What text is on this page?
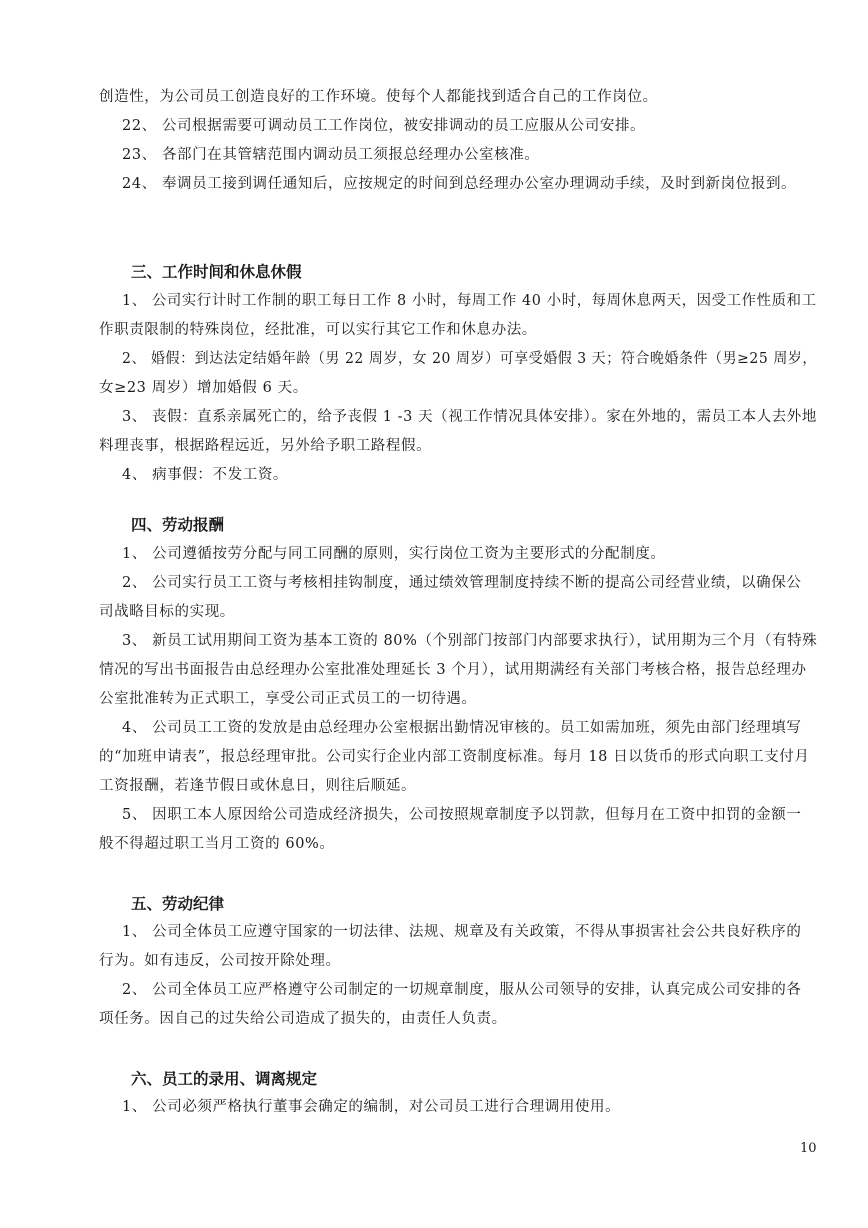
创造性，为公司员工创造良好的工作环境。使每个人都能找到适合自己的工作岗位。
22、 公司根据需要可调动员工工作岗位，被安排调动的员工应服从公司安排。
23、 各部门在其管辖范围内调动员工须报总经理办公室核准。
24、 奉调员工接到调任通知后，应按规定的时间到总经理办公室办理调动手续，及时到新岗位报到。
三、工作时间和休息休假
1、 公司实行计时工作制的职工每日工作 8 小时，每周工作 40 小时，每周休息两天，因受工作性质和工
作职责限制的特殊岗位，经批准，可以实行其它工作和休息办法。
2、 婚假：到达法定结婚年龄（男 22 周岁，女 20 周岁）可享受婚假 3 天；符合晚婚条件（男≥25 周岁，
女≥23 周岁）增加婚假 6 天。
3、 丧假：直系亲属死亡的，给予丧假 1 -3 天（视工作情况具体安排）。家在外地的，需员工本人去外地
料理丧事，根据路程远近，另外给予职工路程假。
4、 病事假：不发工资。
四、劳动报酬
1、 公司遵循按劳分配与同工同酬的原则，实行岗位工资为主要形式的分配制度。
2、 公司实行员工工资与考核相挂钩制度，通过绩效管理制度持续不断的提高公司经营业绩，以确保公
司战略目标的实现。
3、 新员工试用期间工资为基本工资的 80%（个别部门按部门内部要求执行），试用期为三个月（有特殊
情况的写出书面报告由总经理办公室批准处理延长 3 个月），试用期满经有关部门考核合格，报告总经理办
公室批准转为正式职工，享受公司正式员工的一切待遇。
4、 公司员工工资的发放是由总经理办公室根据出勤情况审核的。员工如需加班，须先由部门经理填写
的“加班申请表”，报总经理审批。公司实行企业内部工资制度标准。每月 18 日以货币的形式向职工支付月
工资报酬，若逢节假日或休息日，则往后顺延。
5、 因职工本人原因给公司造成经济损失，公司按照规章制度予以罚款，但每月在工资中扣罚的金额一
般不得超过职工当月工资的 60%。
五、劳动纪律
1、 公司全体员工应遵守国家的一切法律、法规、规章及有关政策，不得从事损害社会公共良好秩序的
行为。如有违反，公司按开除处理。
2、 公司全体员工应严格遵守公司制定的一切规章制度，服从公司领导的安排，认真完成公司安排的各
项任务。因自己的过失给公司造成了损失的，由责任人负责。
六、员工的录用、调离规定
1、 公司必须严格执行董事会确定的编制，对公司员工进行合理调用使用。
10
